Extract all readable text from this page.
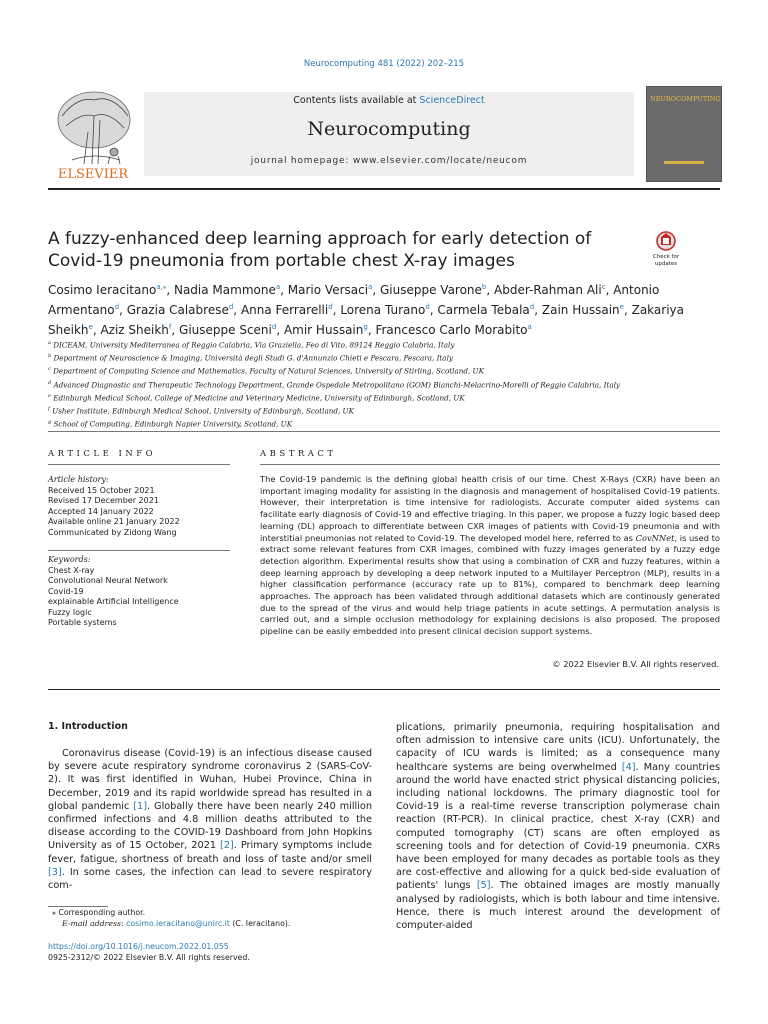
Neurocomputing 481 (2022) 202–215
ELSEVIER
Contents lists available at ScienceDirect
Neurocomputing
journal homepage: www.elsevier.com/locate/neucom
NEUROCOMPUTING
A fuzzy-enhanced deep learning approach for early detection of Covid-19 pneumonia from portable chest X-ray images	Check for
updates
Cosimo Ieracitano$^{a,⁎}$, Nadia Mammone$^a$, Mario Versaci$^a$, Giuseppe Varone$^b$, Abder-Rahman Ali$^c$, Antonio Armentano$^d$, Grazia Calabrese$^d$, Anna Ferrarelli$^d$, Lorena Turano$^d$, Carmela Tebala$^d$, Zain Hussain$^e$, Zakariya Sheikh$^e$, Aziz Sheikh$^f$, Giuseppe Sceni$^d$, Amir Hussain$^g$, Francesco Carlo Morabito$^a$
$^a$ DICEAM, University Mediterranea of Reggio Calabria, Via Graziella, Feo di Vito, 89124 Reggio Calabria, Italy
$^b$ Department of Neuroscience & Imaging, Università degli Studi G. d'Annunzio Chieti e Pescara, Pescara, Italy
$^c$ Department of Computing Science and Mathematics, Faculty of Natural Sciences, University of Stirling, Scotland, UK
$^d$ Advanced Diagnostic and Therapeutic Technology Department, Grande Ospedale Metropolitano (GOM) Bianchi-Melacrino-Morelli of Reggio Calabria, Italy
$^e$ Edinburgh Medical School, College of Medicine and Veterinary Medicine, University of Edinburgh, Scotland, UK
$^f$ Usher Institute, Edinburgh Medical School, University of Edinburgh, Scotland, UK
$^g$ School of Computing, Edinburgh Napier University, Scotland, UK
ARTICLE INFO	ABSTRACT
Article history:
Received 15 October 2021
Revised 17 December 2021
Accepted 14 January 2022
Available online 21 January 2022
Communicated by Zidong Wang
Keywords:
Chest X-ray
Convolutional Neural Network
Covid-19
explainable Artificial Intelligence
Fuzzy logic
Portable systems
The Covid-19 pandemic is the defining global health crisis of our time. Chest X-Rays (CXR) have been an important imaging modality for assisting in the diagnosis and management of hospitalised Covid-19 patients. However, their interpretation is time intensive for radiologists. Accurate computer aided systems can facilitate early diagnosis of Covid-19 and effective triaging. In this paper, we propose a fuzzy logic based deep learning (DL) approach to differentiate between CXR images of patients with Covid-19 pneumonia and with interstitial pneumonias not related to Covid-19. The developed model here, referred to as CovNNet, is used to extract some relevant features from CXR images, combined with fuzzy images generated by a fuzzy edge detection algorithm. Experimental results show that using a combination of CXR and fuzzy features, within a deep learning approach by developing a deep network inputed to a Multilayer Perceptron (MLP), results in a higher classification performance (accuracy rate up to 81%), compared to benchmark deep learning approaches. The approach has been validated through additional datasets which are continously generated due to the spread of the virus and would help triage patients in acute settings. A permutation analysis is carried out, and a simple occlusion methodology for explaining decisions is also proposed. The proposed pipeline can be easily embedded into present clinical decision support systems.
© 2022 Elsevier B.V. All rights reserved.
1. Introduction
Coronavirus disease (Covid-19) is an infectious disease caused by severe acute respiratory syndrome coronavirus 2 (SARS-CoV-2). It was first identified in Wuhan, Hubei Province, China in December, 2019 and its rapid worldwide spread has resulted in a global pandemic [1]. Globally there have been nearly 240 million confirmed infections and 4.8 million deaths attributed to the disease according to the COVID-19 Dashboard from John Hopkins University as of 15 October, 2021 [2]. Primary symptoms include fever, fatigue, shortness of breath and loss of taste and/or smell [3]. In some cases, the infection can lead to severe respiratory com-
plications, primarily pneumonia, requiring hospitalisation and often admission to intensive care units (ICU). Unfortunately, the capacity of ICU wards is limited; as a consequence many healthcare systems are being overwhelmed [4]. Many countries around the world have enacted strict physical distancing policies, including national lockdowns. The primary diagnostic tool for Covid-19 is a real-time reverse transcription polymerase chain reaction (RT-PCR). In clinical practice, chest X-ray (CXR) and computed tomography (CT) scans are often employed as screening tools and for detection of Covid-19 pneumonia. CXRs have been employed for many decades as portable tools as they are cost-effective and allowing for a quick bed-side evaluation of patients' lungs [5]. The obtained images are mostly manually analysed by radiologists, which is both labour and time intensive. Hence, there is much interest around the development of computer-aided
⁎ Corresponding author.
E-mail address: cosimo.ieracitano@unirc.it (C. Ieracitano).
https://doi.org/10.1016/j.neucom.2022.01.055
0925-2312/© 2022 Elsevier B.V. All rights reserved.
